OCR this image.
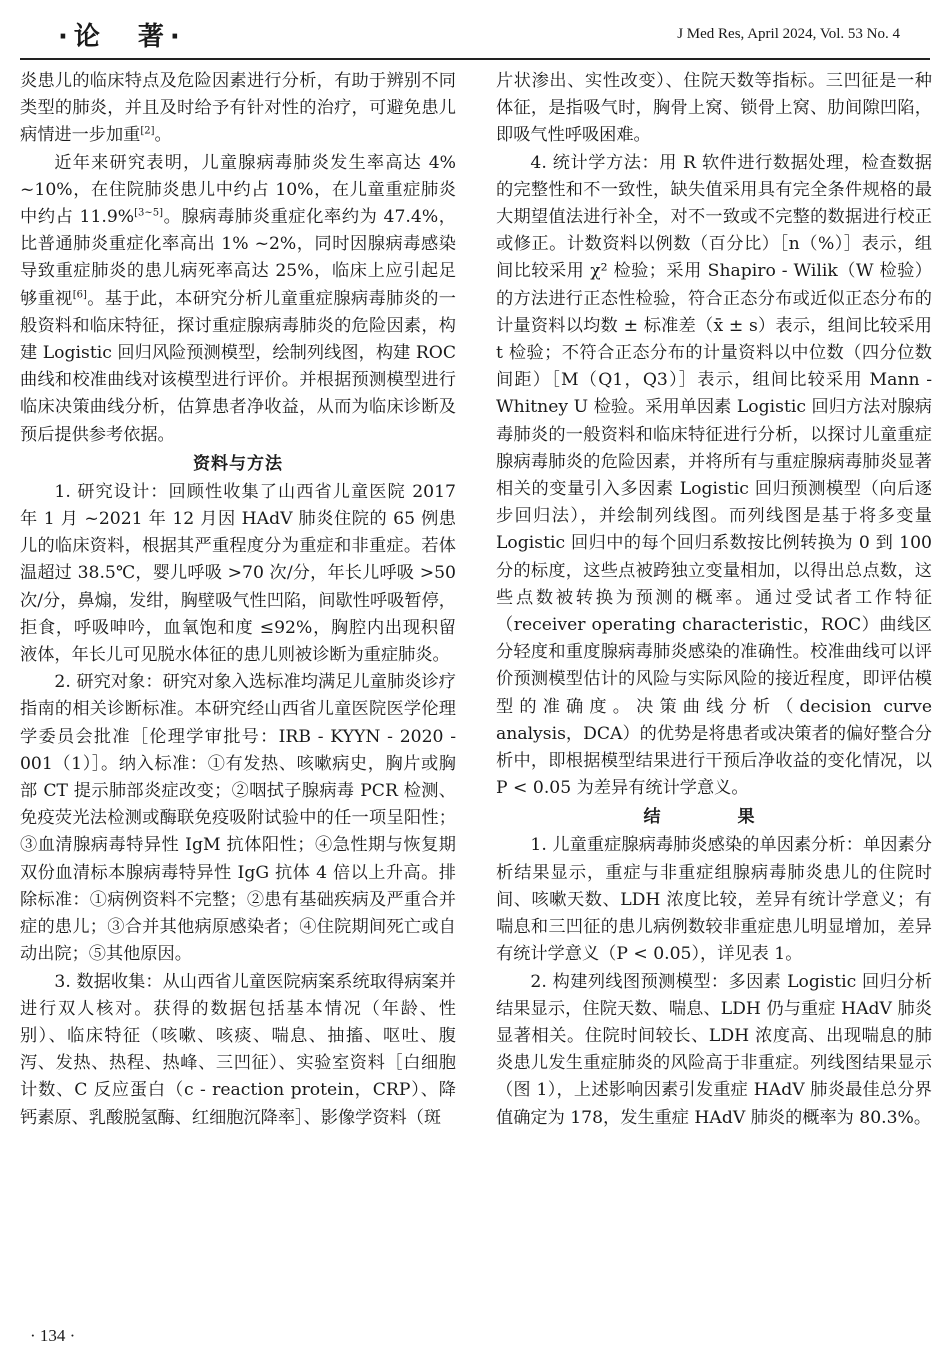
·论　著·	J Med Res, April 2024, Vol. 53 No. 4

炎患儿的临床特点及危险因素进行分析，有助于辨别不同类型的肺炎，并且及时给予有针对性的治疗，可避免患儿病情进一步加重[2]。

近年来研究表明，儿童腺病毒肺炎发生率高达 4% ~10%，在住院肺炎患儿中约占 10%，在儿童重症肺炎中约占 11.9%[3~5]。腺病毒肺炎重症化率约为 47.4%，比普通肺炎重症化率高出 1% ~2%，同时因腺病毒感染导致重症肺炎的患儿病死率高达 25%，临床上应引起足够重视[6]。基于此，本研究分析儿童重症腺病毒肺炎的一般资料和临床特征，探讨重症腺病毒肺炎的危险因素，构建 Logistic 回归风险预测模型，绘制列线图，构建 ROC 曲线和校准曲线对该模型进行评价。并根据预测模型进行临床决策曲线分析，估算患者净收益，从而为临床诊断及预后提供参考依据。

资料与方法

1. 研究设计：回顾性收集了山西省儿童医院 2017 年 1 月 ~2021 年 12 月因 HAdV 肺炎住院的 65 例患儿的临床资料，根据其严重程度分为重症和非重症。若体温超过 38.5℃，婴儿呼吸 >70 次/分，年长儿呼吸 >50 次/分，鼻煽，发绀，胸壁吸气性凹陷，间歇性呼吸暂停，拒食，呼吸呻吟，血氧饱和度 ≤92%，胸腔内出现积留液体，年长儿可见脱水体征的患儿则被诊断为重症肺炎。

2. 研究对象：研究对象入选标准均满足儿童肺炎诊疗指南的相关诊断标准。本研究经山西省儿童医院医学伦理学委员会批准［伦理学审批号：IRB - KYYN - 2020 - 001（1）］。纳入标准：①有发热、咳嗽病史，胸片或胸部 CT 提示肺部炎症改变；②咽拭子腺病毒 PCR 检测、免疫荧光法检测或酶联免疫吸附试验中的任一项呈阳性；③血清腺病毒特异性 IgM 抗体阳性；④急性期与恢复期双份血清标本腺病毒特异性 IgG 抗体 4 倍以上升高。排除标准：①病例资料不完整；②患有基础疾病及严重合并症的患儿；③合并其他病原感染者；④住院期间死亡或自动出院；⑤其他原因。

3. 数据收集：从山西省儿童医院病案系统取得病案并进行双人核对。获得的数据包括基本情况（年龄、性别）、临床特征（咳嗽、咳痰、喘息、抽搐、呕吐、腹泻、发热、热程、热峰、三凹征）、实验室资料［白细胞计数、C 反应蛋白（c - reaction protein，CRP）、降钙素原、乳酸脱氢酶、红细胞沉降率］、影像学资料（斑

片状渗出、实性改变）、住院天数等指标。三凹征是一种体征，是指吸气时，胸骨上窝、锁骨上窝、肋间隙凹陷，即吸气性呼吸困难。

4. 统计学方法：用 R 软件进行数据处理，检查数据的完整性和不一致性，缺失值采用具有完全条件规格的最大期望值法进行补全，对不一致或不完整的数据进行校正或修正。计数资料以例数（百分比）［n（%）］表示，组间比较采用 χ² 检验；采用 Shapiro - Wilik（W 检验）的方法进行正态性检验，符合正态分布或近似正态分布的计量资料以均数 ± 标准差（x̄ ± s）表示，组间比较采用 t 检验；不符合正态分布的计量资料以中位数（四分位数间距）［M（Q1，Q3）］表示，组间比较采用 Mann - Whitney U 检验。采用单因素 Logistic 回归方法对腺病毒肺炎的一般资料和临床特征进行分析，以探讨儿童重症腺病毒肺炎的危险因素，并将所有与重症腺病毒肺炎显著相关的变量引入多因素 Logistic 回归预测模型（向后逐步回归法），并绘制列线图。而列线图是基于将多变量 Logistic 回归中的每个回归系数按比例转换为 0 到 100 分的标度，这些点被跨独立变量相加，以得出总点数，这些点数被转换为预测的概率。通过受试者工作特征（receiver operating characteristic，ROC）曲线区分轻度和重度腺病毒肺炎感染的准确性。校准曲线可以评价预测模型估计的风险与实际风险的接近程度，即评估模型的准确度。决策曲线分析（decision curve analysis，DCA）的优势是将患者或决策者的偏好整合分析中，即根据模型结果进行干预后净收益的变化情况，以 P < 0.05 为差异有统计学意义。

结　果

1. 儿童重症腺病毒肺炎感染的单因素分析：单因素分析结果显示，重症与非重症组腺病毒肺炎患儿的住院时间、咳嗽天数、LDH 浓度比较，差异有统计学意义；有喘息和三凹征的患儿病例数较非重症患儿明显增加，差异有统计学意义（P < 0.05），详见表 1。

2. 构建列线图预测模型：多因素 Logistic 回归分析结果显示，住院天数、喘息、LDH 仍与重症 HAdV 肺炎显著相关。住院时间较长、LDH 浓度高、出现喘息的肺炎患儿发生重症肺炎的风险高于非重症。列线图结果显示（图 1），上述影响因素引发重症 HAdV 肺炎最佳总分界值确定为 178，发生重症 HAdV 肺炎的概率为 80.3%。

· 134 ·
